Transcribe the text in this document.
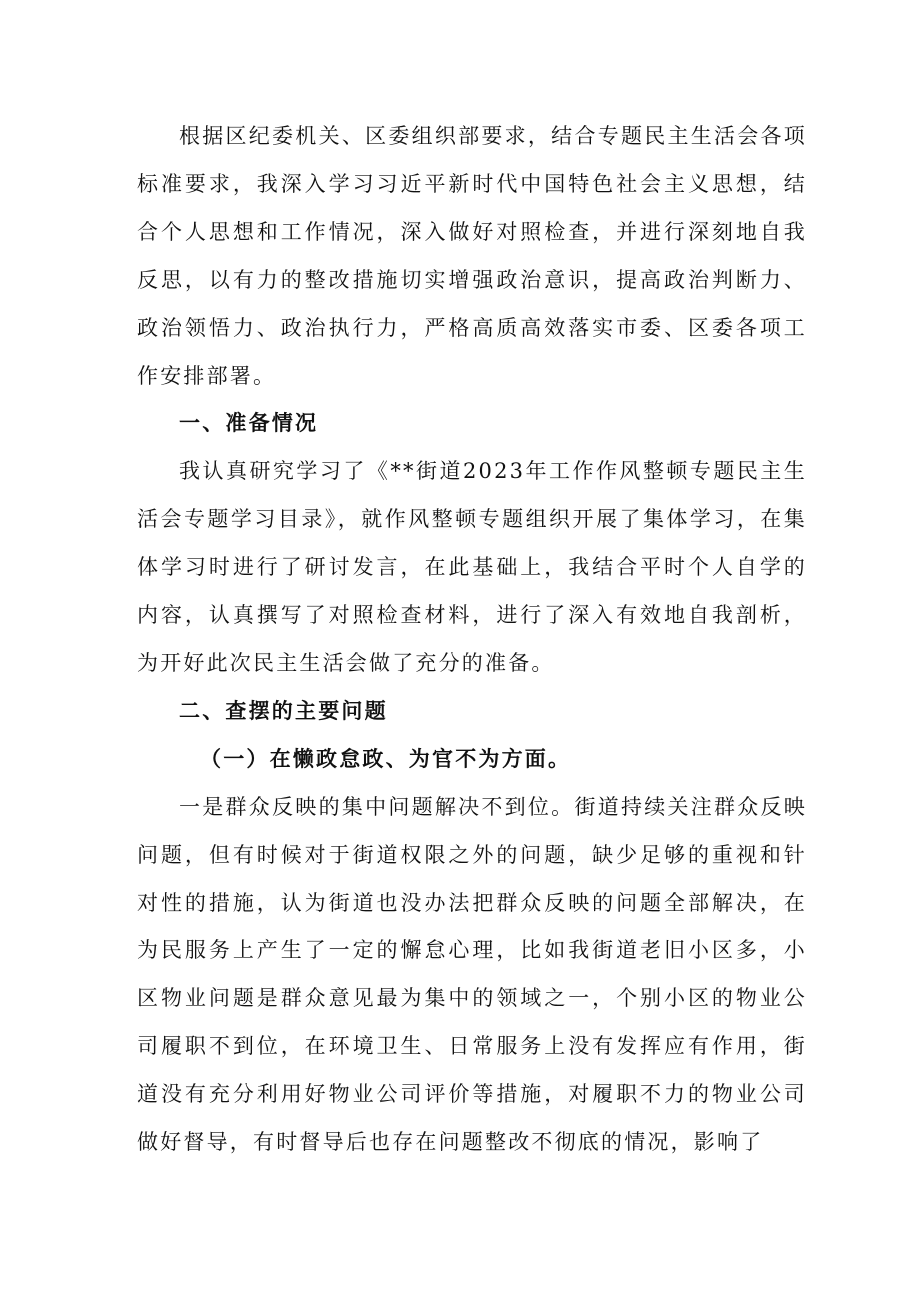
根据区纪委机关、区委组织部要求，结合专题民主生活会各项标准要求，我深入学习习近平新时代中国特色社会主义思想，结合个人思想和工作情况，深入做好对照检查，并进行深刻地自我反思，以有力的整改措施切实增强政治意识，提高政治判断力、政治领悟力、政治执行力，严格高质高效落实市委、区委各项工作安排部署。

一、准备情况

我认真研究学习了《**街道2023年工作作风整顿专题民主生活会专题学习目录》，就作风整顿专题组织开展了集体学习，在集体学习时进行了研讨发言，在此基础上，我结合平时个人自学的内容，认真撰写了对照检查材料，进行了深入有效地自我剖析，为开好此次民主生活会做了充分的准备。

二、查摆的主要问题

（一）在懒政怠政、为官不为方面。

一是群众反映的集中问题解决不到位。街道持续关注群众反映问题，但有时候对于街道权限之外的问题，缺少足够的重视和针对性的措施，认为街道也没办法把群众反映的问题全部解决，在为民服务上产生了一定的懈怠心理，比如我街道老旧小区多，小区物业问题是群众意见最为集中的领域之一，个别小区的物业公司履职不到位，在环境卫生、日常服务上没有发挥应有作用，街道没有充分利用好物业公司评价等措施，对履职不力的物业公司做好督导，有时督导后也存在问题整改不彻底的情况，影响了
